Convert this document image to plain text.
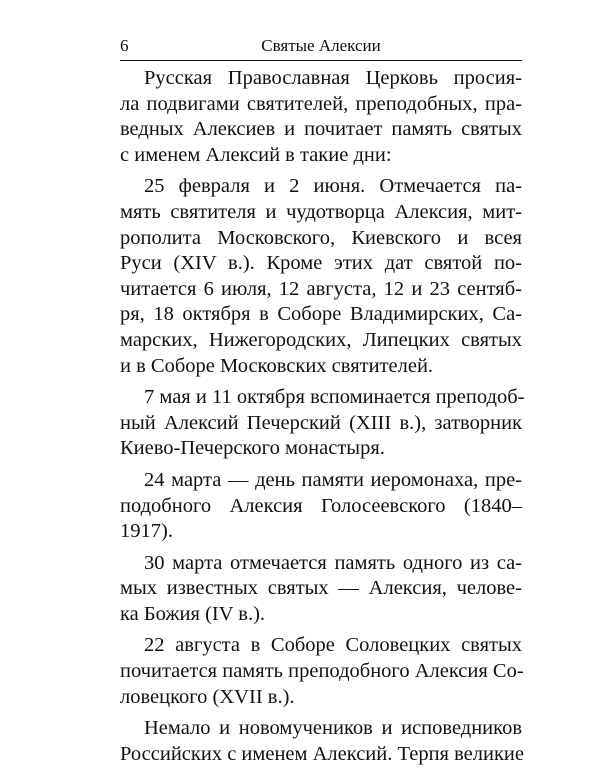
6	Святые Алексии

Русская Православная Церковь просия-
ла подвигами святителей, преподобных, пра-
ведных Алексиев и почитает память святых
с именем Алексий в такие дни:

25 февраля и 2 июня. Отмечается па-
мять святителя и чудотворца Алексия, мит-
рополита Московского, Киевского и всея
Руси (XIV в.). Кроме этих дат святой по-
читается 6 июля, 12 августа, 12 и 23 сентяб-
ря, 18 октября в Соборе Владимирских, Са-
марских, Нижегородских, Липецких святых
и в Соборе Московских святителей.

7 мая и 11 октября вспоминается преподоб-
ный Алексий Печерский (XIII в.), затворник
Киево-Печерского монастыря.

24 марта — день памяти иеромонаха, пре-
подобного Алексия Голосеевского (1840–
1917).

30 марта отмечается память одного из са-
мых известных святых — Алексия, челове-
ка Божия (IV в.).

22 августа в Соборе Соловецких святых
почитается память преподобного Алексия Со-
ловецкого (XVII в.).

Немало и новомучеников и исповедников
Российских с именем Алексий. Терпя великие
